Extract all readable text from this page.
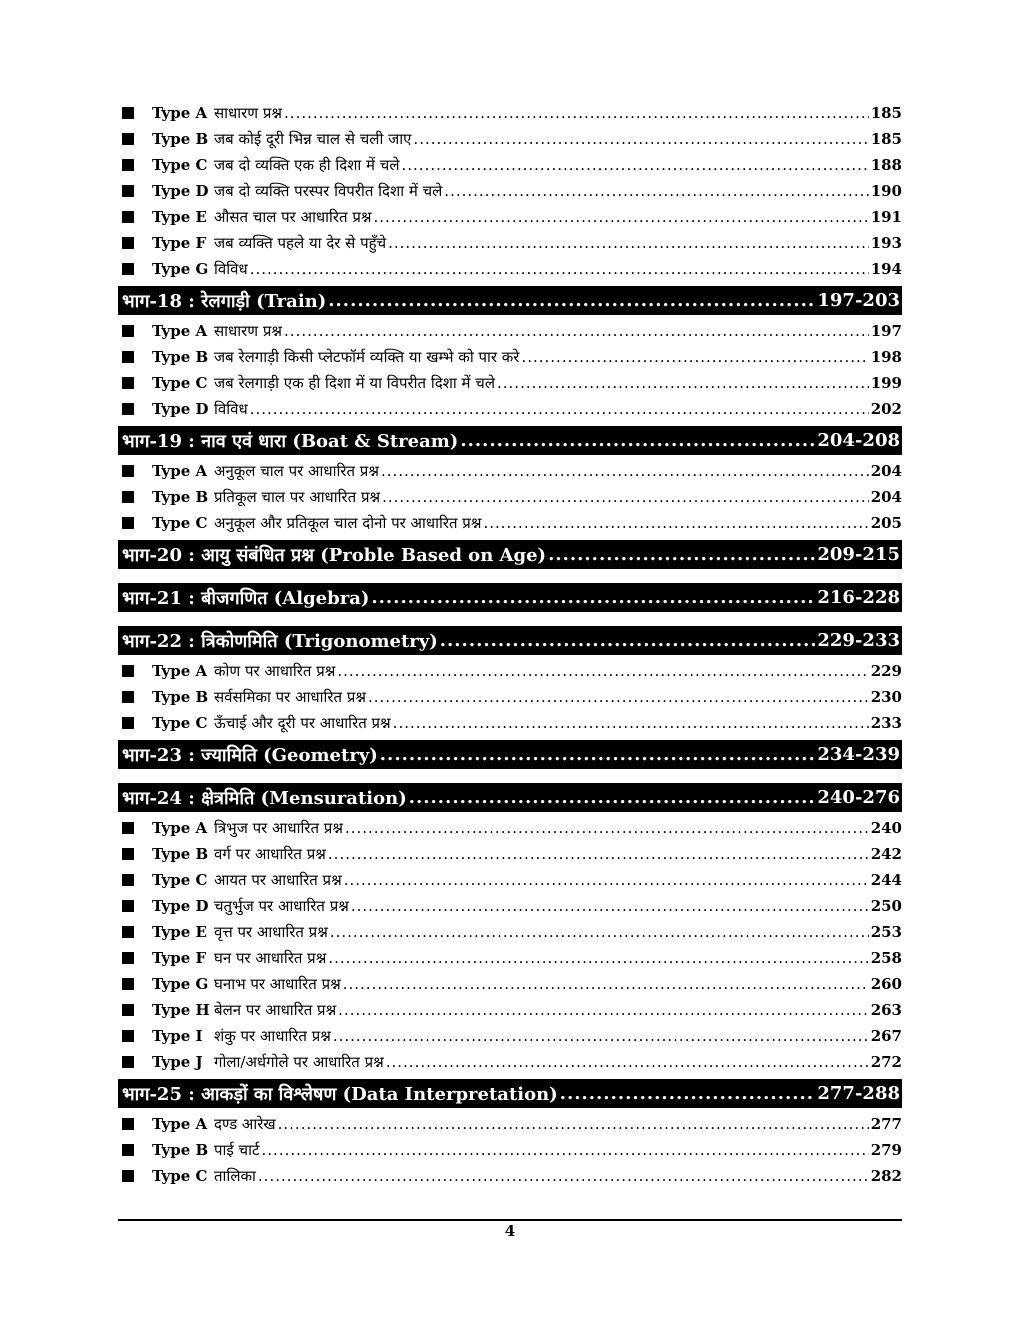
Type A साधारण प्रश्न .....	185
Type B जब कोई दूरी भिन्न चाल से चली जाए .....	185
Type C जब दो व्यक्ति एक ही दिशा में चले .....	188
Type D जब दो व्यक्ति परस्पर विपरीत दिशा में चले .....	190
Type E औसत चाल पर आधारित प्रश्न .....	191
Type F जब व्यक्ति पहले या देर से पहुँचे .....	193
Type G विविध .....	194
भाग-18 : रेलगाड़ी (Train) .....	197-203
Type A साधारण प्रश्न .....	197
Type B जब रेलगाड़ी किसी प्लेटफॉर्म व्यक्ति या खम्भे को पार करे .....	198
Type C जब रेलगाड़ी एक ही दिशा में या विपरीत दिशा में चले .....	199
Type D विविध .....	202
भाग-19 : नाव एवं धारा (Boat & Stream) .....	204-208
Type A अनुकूल चाल पर आधारित प्रश्न .....	204
Type B प्रतिकूल चाल पर आधारित प्रश्न .....	204
Type C अनुकूल और प्रतिकूल चाल दोनो पर आधारित प्रश्न .....	205
भाग-20 : आयु संबंधित प्रश्न (Proble Based on Age) .....	209-215
भाग-21 : बीजगणित (Algebra) .....	216-228
भाग-22 : त्रिकोणमिति (Trigonometry) .....	229-233
Type A कोण पर आधारित प्रश्न .....	229
Type B सर्वसमिका पर आधारित प्रश्न .....	230
Type C ऊँचाई और दूरी पर आधारित प्रश्न .....	233
भाग-23 : ज्यामिति (Geometry) .....	234-239
भाग-24 : क्षेत्रमिति (Mensuration) .....	240-276
Type A त्रिभुज पर आधारित प्रश्न .....	240
Type B वर्ग पर आधारित प्रश्न .....	242
Type C आयत पर आधारित प्रश्न .....	244
Type D चतुर्भुज पर आधारित प्रश्न .....	250
Type E वृत्त पर आधारित प्रश्न .....	253
Type F घन पर आधारित प्रश्न .....	258
Type G घनाभ पर आधारित प्रश्न .....	260
Type H बेलन पर आधारित प्रश्न .....	263
Type I शंकु पर आधारित प्रश्न .....	267
Type J गोला/अर्धगोले पर आधारित प्रश्न .....	272
भाग-25 : आकड़ों का विश्लेषण (Data Interpretation) .....	277-288
Type A दण्ड आरेख .....	277
Type B पाई चार्ट .....	279
Type C तालिका .....	282
4
